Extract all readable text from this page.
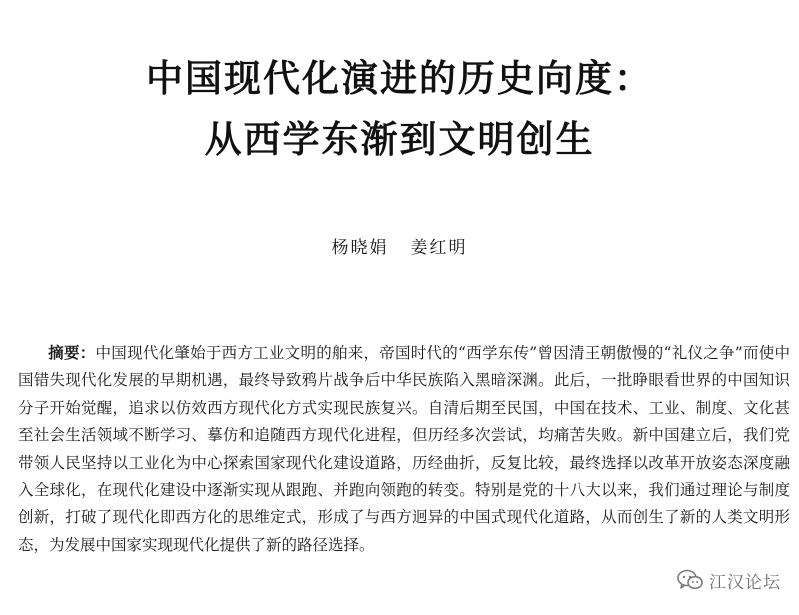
中国现代化演进的历史向度：
从西学东渐到文明创生
杨晓娟 姜红明
摘要：中国现代化肇始于西方工业文明的舶来，帝国时代的“西学东传”曾因清王朝傲慢的“礼仪之争”而使中国错失现代化发展的早期机遇，最终导致鸦片战争后中华民族陷入黑暗深渊。此后，一批睁眼看世界的中国知识分子开始觉醒，追求以仿效西方现代化方式实现民族复兴。自清后期至民国，中国在技术、工业、制度、文化甚至社会生活领域不断学习、摹仿和追随西方现代化进程，但历经多次尝试，均痛苦失败。新中国建立后，我们党带领人民坚持以工业化为中心探索国家现代化建设道路，历经曲折，反复比较，最终选择以改革开放姿态深度融入全球化，在现代化建设中逐渐实现从跟跑、并跑向领跑的转变。特别是党的十八大以来，我们通过理论与制度创新，打破了现代化即西方化的思维定式，形成了与西方迥异的中国式现代化道路，从而创生了新的人类文明形态，为发展中国家实现现代化提供了新的路径选择。
江汉论坛
